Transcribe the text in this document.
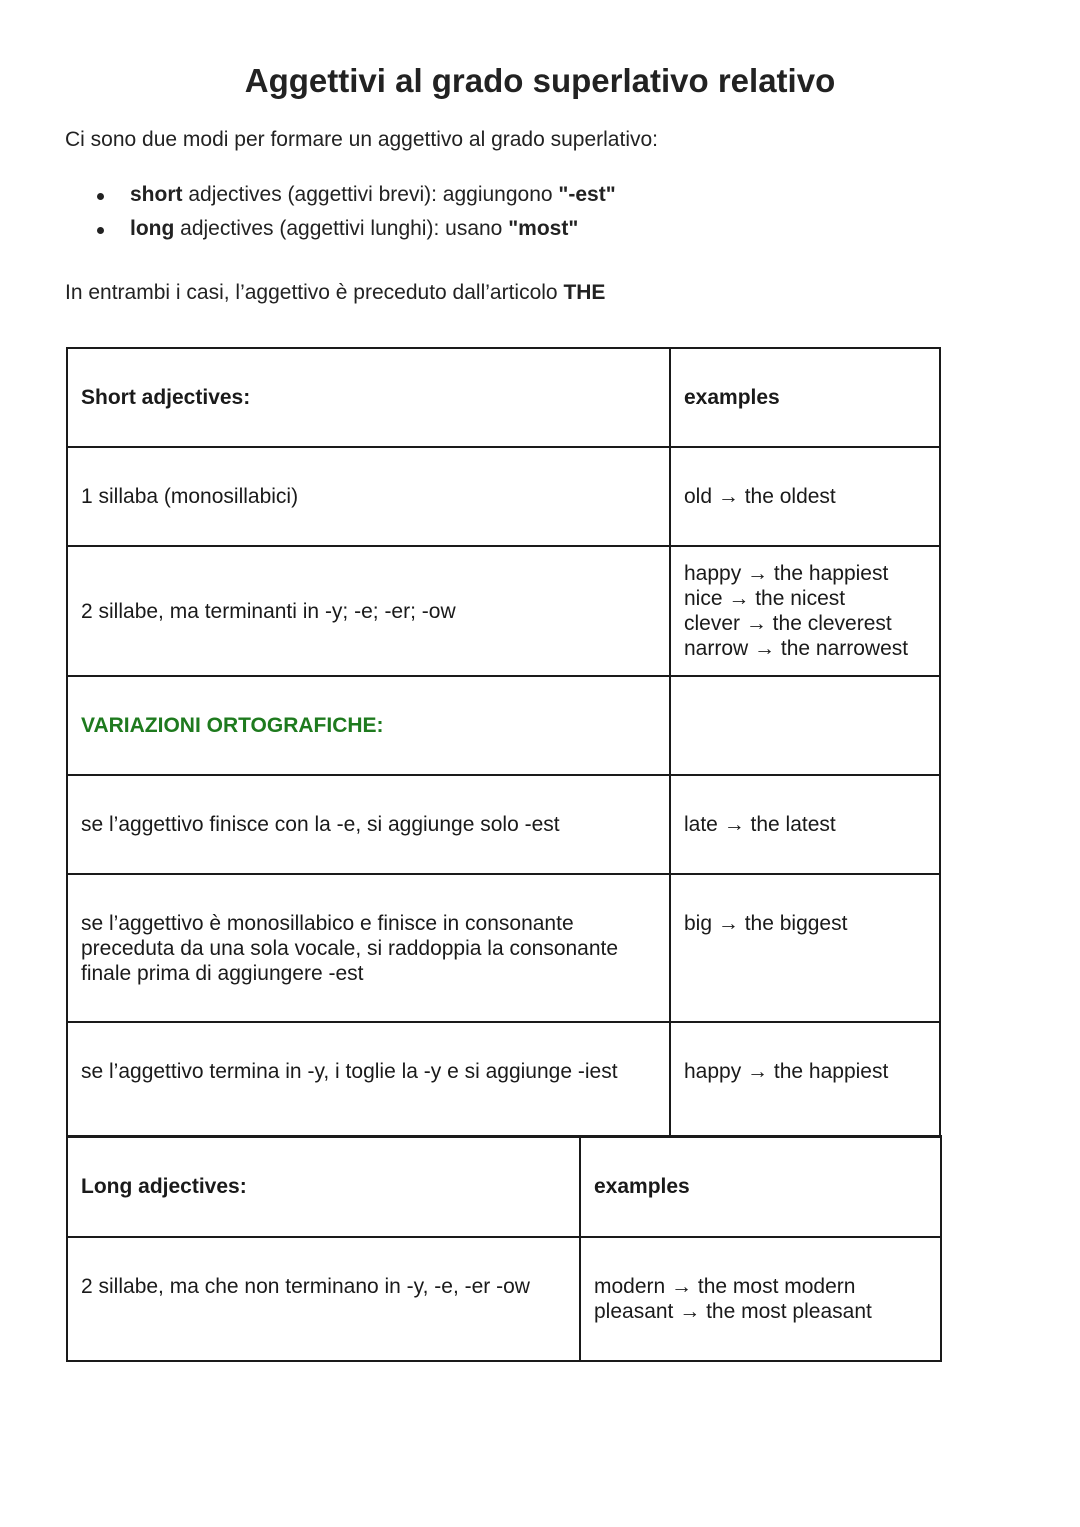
Aggettivi al grado superlativo relativo
Ci sono due modi per formare un aggettivo al grado superlativo:
short adjectives (aggettivi brevi): aggiungono "-est"
long adjectives (aggettivi lunghi): usano "most"
In entrambi i casi, l’aggettivo è preceduto dall’articolo THE
Short adjectives:	examples

1 sillaba (monosillabici)	old → the oldest

2 sillabe, ma terminanti in -y; -e; -er; -ow	happy → the happiest
nice → the nicest
clever → the cleverest
narrow → the narrowest

VARIAZIONI ORTOGRAFICHE:	

se l’aggettivo finisce con la -e, si aggiunge solo -est	late → the latest

se l’aggettivo è monosillabico e finisce in consonante
preceduta da una sola vocale, si raddoppia la consonante
finale prima di aggiungere -est	big → the biggest

se l’aggettivo termina in -y, i toglie la -y e si aggiunge -iest	happy → the happiest
Long adjectives:	examples

2 sillabe, ma che non terminano in -y, -e, -er -ow	modern → the most modern
pleasant → the most pleasant
